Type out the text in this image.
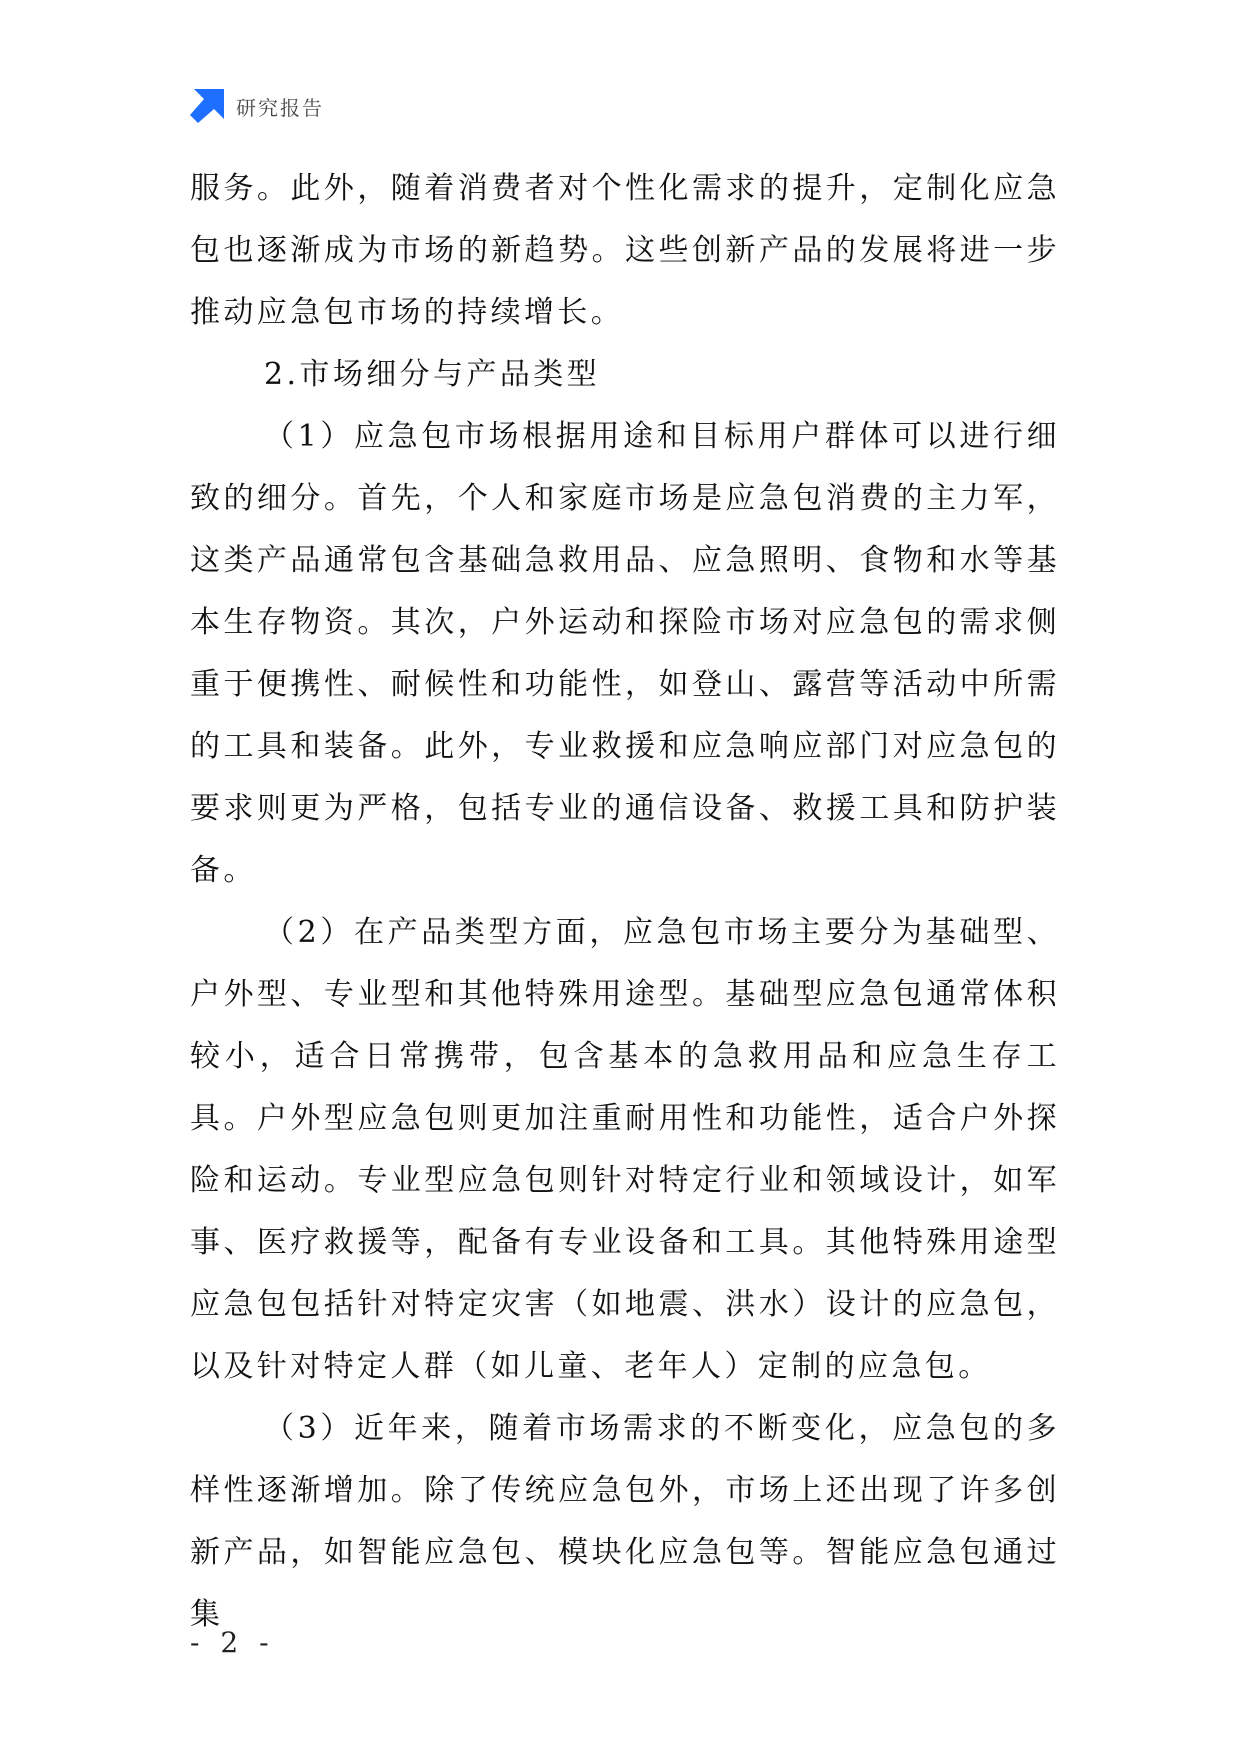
研究报告

服务。此外，随着消费者对个性化需求的提升，定制化应急包也逐渐成为市场的新趋势。这些创新产品的发展将进一步推动应急包市场的持续增长。

2.市场细分与产品类型

（1）应急包市场根据用途和目标用户群体可以进行细致的细分。首先，个人和家庭市场是应急包消费的主力军，这类产品通常包含基础急救用品、应急照明、食物和水等基本生存物资。其次，户外运动和探险市场对应急包的需求侧重于便携性、耐候性和功能性，如登山、露营等活动中所需的工具和装备。此外，专业救援和应急响应部门对应急包的要求则更为严格，包括专业的通信设备、救援工具和防护装备。

（2）在产品类型方面，应急包市场主要分为基础型、户外型、专业型和其他特殊用途型。基础型应急包通常体积较小，适合日常携带，包含基本的急救用品和应急生存工具。户外型应急包则更加注重耐用性和功能性，适合户外探险和运动。专业型应急包则针对特定行业和领域设计，如军事、医疗救援等，配备有专业设备和工具。其他特殊用途型应急包包括针对特定灾害（如地震、洪水）设计的应急包，以及针对特定人群（如儿童、老年人）定制的应急包。

（3）近年来，随着市场需求的不断变化，应急包的多样性逐渐增加。除了传统应急包外，市场上还出现了许多创新产品，如智能应急包、模块化应急包等。智能应急包通过集

- 2 -
